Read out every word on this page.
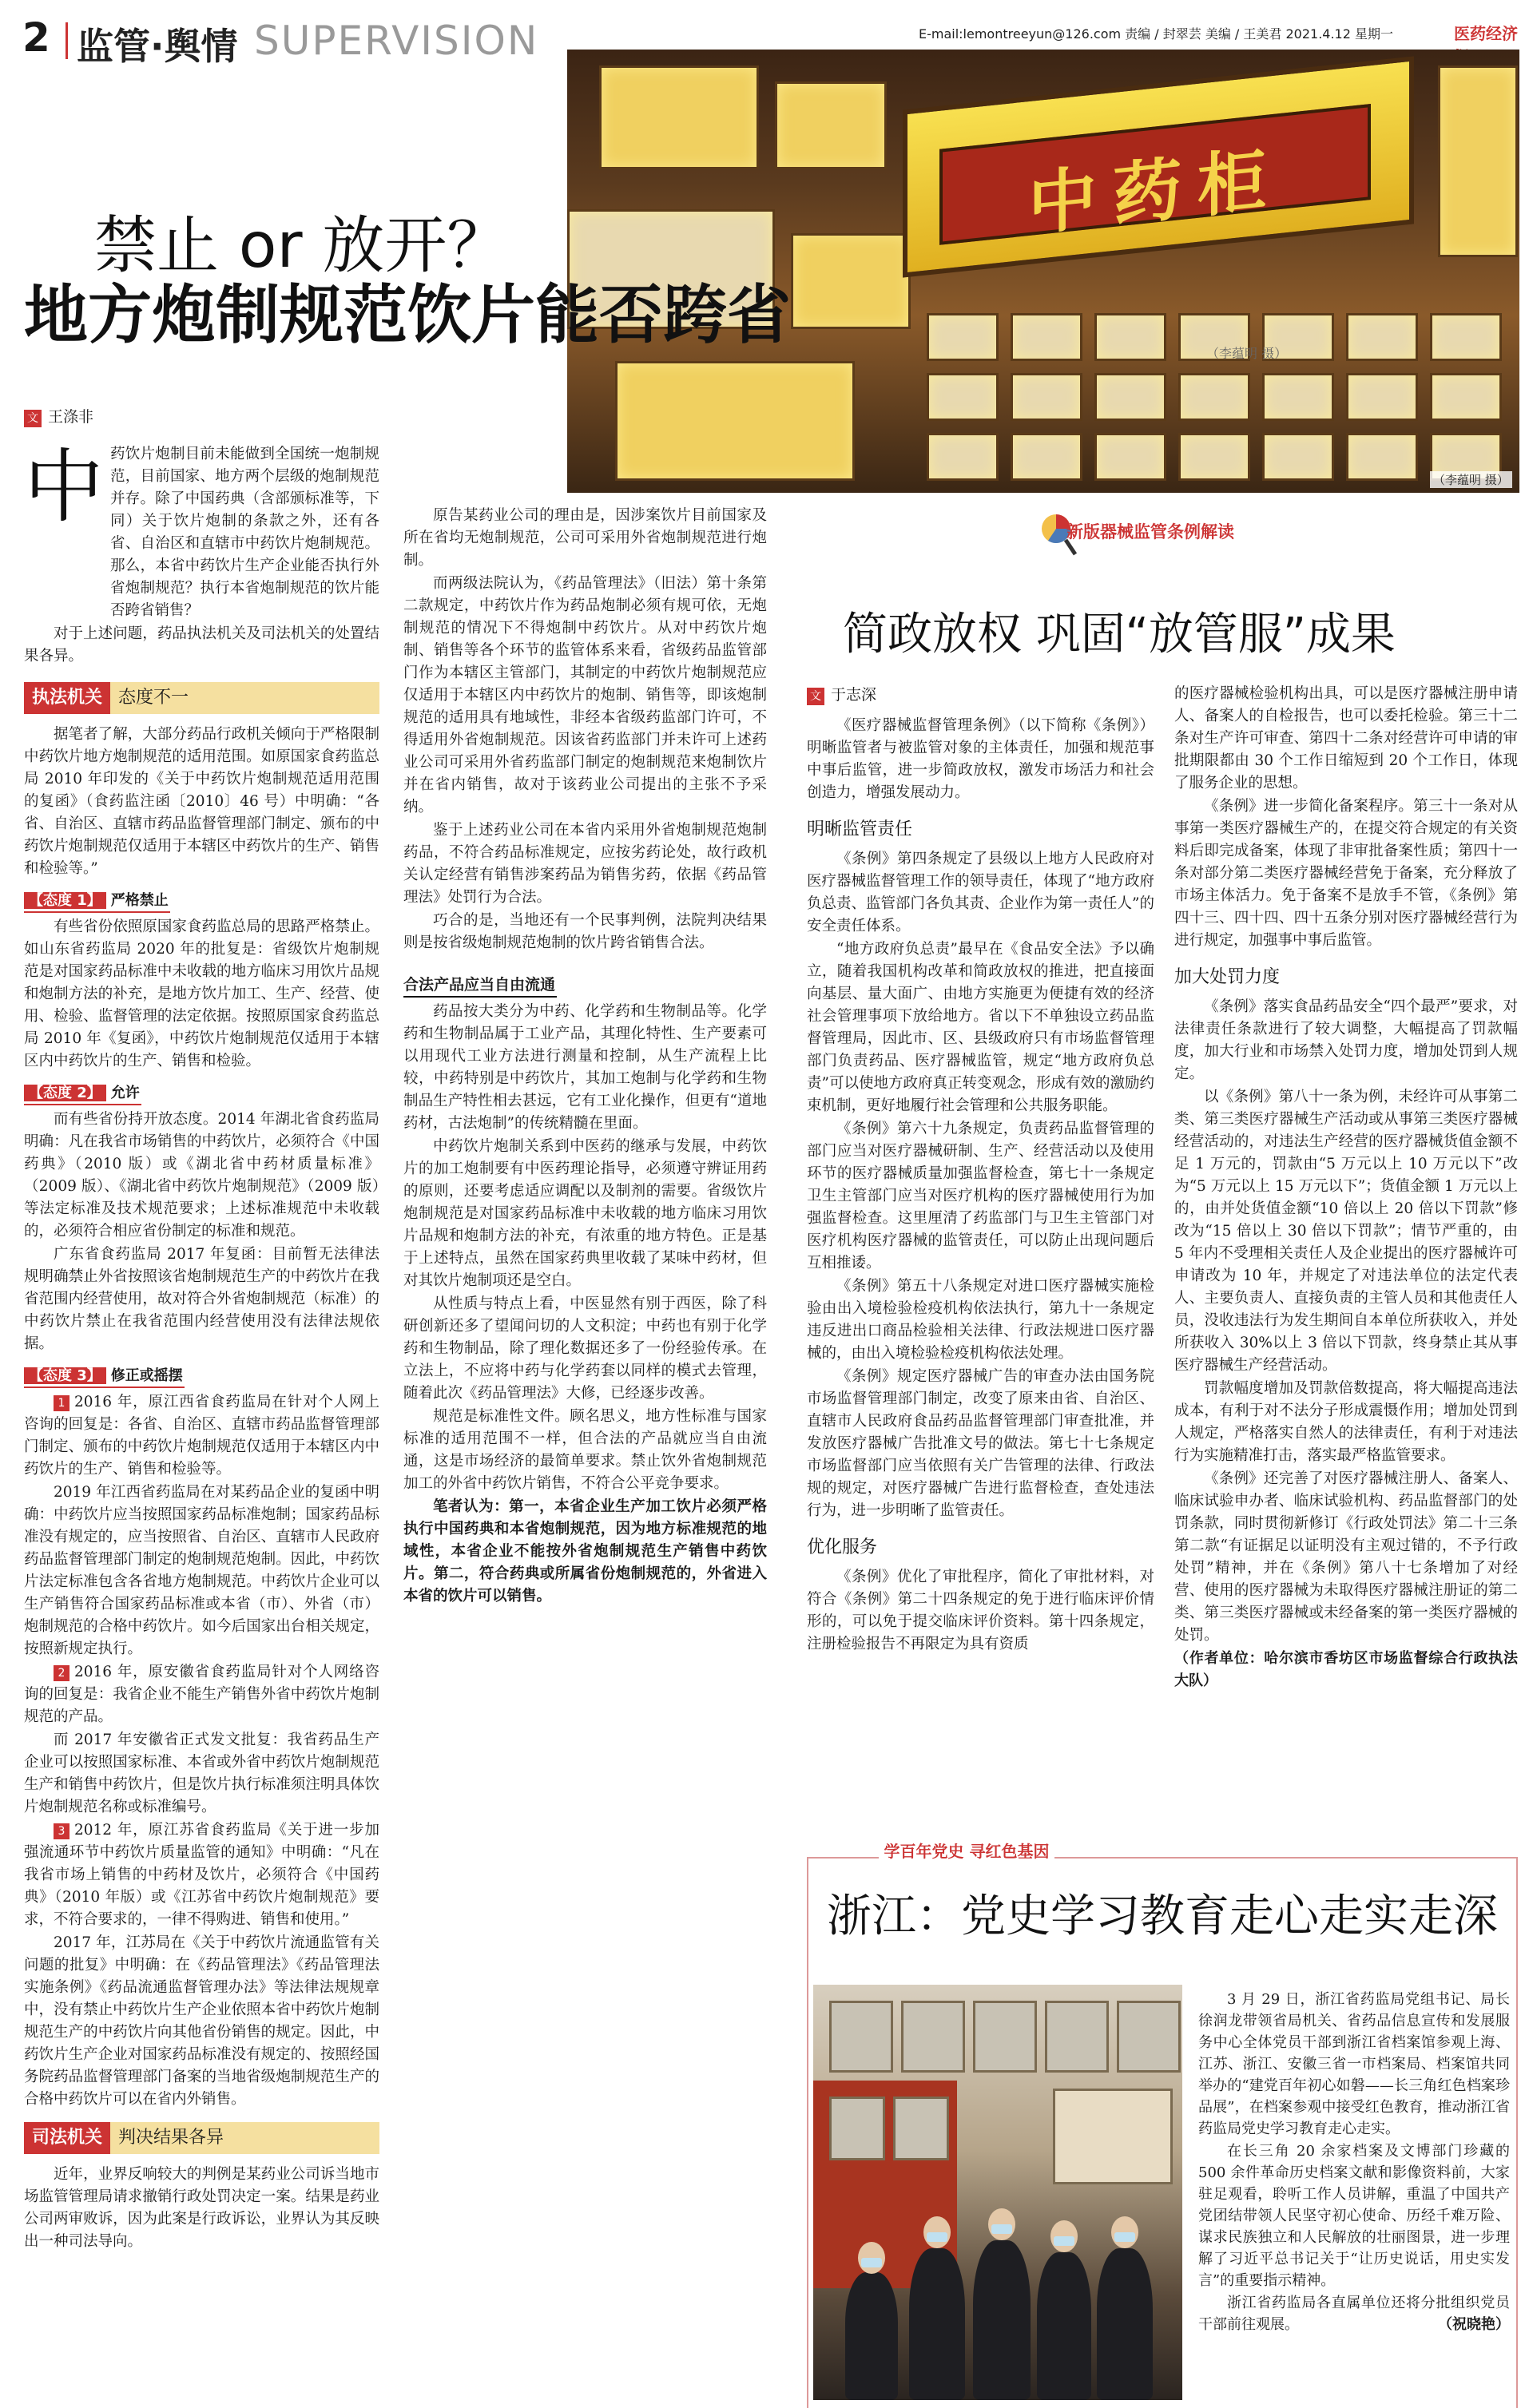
2 监管·舆情 SUPERVISION	E-mail:lemontreeyun@126.com 责编 / 封翠芸 美编 / 王美君 2021.4.12 星期一	医药经济
中药柜
（李蕴明 摄）
（李蕴明 摄）
禁止 or 放开？
地方炮制规范饮片能否跨省
文 王涤非
中 药饮片炮制目前未能做到全国统一炮制规范，目前国家、地方两个层级的炮制规范并存。除了中国药典（含部颁标准等，下同）关于饮片炮制的条款之外，还有各省、自治区和直辖市中药饮片炮制规范。那么，本省中药饮片生产企业能否执行外省炮制规范？执行本省炮制规范的饮片能否跨省销售？

对于上述问题，药品执法机关及司法机关的处置结果各异。

执法机关 态度不一

据笔者了解，大部分药品行政机关倾向于严格限制中药饮片地方炮制规范的适用范围。如原国家食药监总局 2010 年印发的《关于中药饮片炮制规范适用范围的复函》（食药监注函〔2010〕46 号）中明确：“各省、自治区、直辖市药品监督管理部门制定、颁布的中药饮片炮制规范仅适用于本辖区中药饮片的生产、销售和检验等。”

【态度 1】 严格禁止

有些省份依照原国家食药监总局的思路严格禁止。如山东省药监局 2020 年的批复是：省级饮片炮制规范是对国家药品标准中未收载的地方临床习用饮片品规和炮制方法的补充，是地方饮片加工、生产、经营、使用、检验、监督管理的法定依据。按照原国家食药监总局 2010 年《复函》，中药饮片炮制规范仅适用于本辖区内中药饮片的生产、销售和检验。

【态度 2】 允许

而有些省份持开放态度。2014 年湖北省食药监局明确：凡在我省市场销售的中药饮片，必须符合《中国药典》（2010 版）或《湖北省中药材质量标准》（2009 版）、《湖北省中药饮片炮制规范》（2009 版）等法定标准及技术规范要求；上述标准规范中未收载的，必须符合相应省份制定的标准和规范。

广东省食药监局 2017 年复函：目前暂无法律法规明确禁止外省按照该省炮制规范生产的中药饮片在我省范围内经营使用，故对符合外省炮制规范（标准）的中药饮片禁止在我省范围内经营使用没有法律法规依据。

【态度 3】 修正或摇摆

1 2016 年，原江西省食药监局在针对个人网上咨询的回复是：各省、自治区、直辖市药品监督管理部门制定、颁布的中药饮片炮制规范仅适用于本辖区内中药饮片的生产、销售和检验等。

2019 年江西省药监局在对某药品企业的复函中明确：中药饮片应当按照国家药品标准炮制；国家药品标准没有规定的，应当按照省、自治区、直辖市人民政府药品监督管理部门制定的炮制规范炮制。因此，中药饮片法定标准包含各省地方炮制规范。中药饮片企业可以生产销售符合国家药品标准或本省（市）、外省（市）炮制规范的合格中药饮片。如今后国家出台相关规定，按照新规定执行。

2 2016 年，原安徽省食药监局针对个人网络咨询的回复是：我省企业不能生产销售外省中药饮片炮制规范的产品。

而 2017 年安徽省正式发文批复：我省药品生产企业可以按照国家标准、本省或外省中药饮片炮制规范生产和销售中药饮片，但是饮片执行标准须注明具体饮片炮制规范名称或标准编号。

3 2012 年，原江苏省食药监局《关于进一步加强流通环节中药饮片质量监管的通知》中明确：“凡在我省市场上销售的中药材及饮片，必须符合《中国药典》（2010 年版）或《江苏省中药饮片炮制规范》要求，不符合要求的，一律不得购进、销售和使用。”

2017 年，江苏局在《关于中药饮片流通监管有关问题的批复》中明确：在《药品管理法》《药品管理法实施条例》《药品流通监督管理办法》等法律法规规章中，没有禁止中药饮片生产企业依照本省中药饮片炮制规范生产的中药饮片向其他省份销售的规定。因此，中药饮片生产企业对国家药品标准没有规定的、按照经国务院药品监督管理部门备案的当地省级炮制规范生产的合格中药饮片可以在省内外销售。

司法机关 判决结果各异

近年，业界反响较大的判例是某药业公司诉当地市场监管管理局请求撤销行政处罚决定一案。结果是药业公司两审败诉，因为此案是行政诉讼，业界认为其反映出一种司法导向。

原告某药业公司的理由是，因涉案饮片目前国家及所在省均无炮制规范，公司可采用外省炮制规范进行炮制。

而两级法院认为，《药品管理法》（旧法）第十条第二款规定，中药饮片作为药品炮制必须有规可依，无炮制规范的情况下不得炮制中药饮片。从对中药饮片炮制、销售等各个环节的监管体系来看，省级药品监管部门作为本辖区主管部门，其制定的中药饮片炮制规范应仅适用于本辖区内中药饮片的炮制、销售等，即该炮制规范的适用具有地域性，非经本省级药监部门许可，不得适用外省炮制规范。因该省药监部门并未许可上述药业公司可采用外省药监部门制定的炮制规范来炮制饮片并在省内销售，故对于该药业公司提出的主张不予采纳。

鉴于上述药业公司在本省内采用外省炮制规范炮制药品，不符合药品标准规定，应按劣药论处，故行政机关认定经营有销售涉案药品为销售劣药，依据《药品管理法》处罚行为合法。

巧合的是，当地还有一个民事判例，法院判决结果则是按省级炮制规范炮制的饮片跨省销售合法。

合法产品应当自由流通

药品按大类分为中药、化学药和生物制品等。化学药和生物制品属于工业产品，其理化特性、生产要素可以用现代工业方法进行测量和控制，从生产流程上比较，中药特别是中药饮片，其加工炮制与化学药和生物制品生产特性相去甚远，它有工业化操作，但更有“道地药材，古法炮制”的传统精髓在里面。

中药饮片炮制关系到中医药的继承与发展，中药饮片的加工炮制要有中医药理论指导，必须遵守辨证用药的原则，还要考虑适应调配以及制剂的需要。省级饮片炮制规范是对国家药品标准中未收载的地方临床习用饮片品规和炮制方法的补充，有浓重的地方特色。正是基于上述特点，虽然在国家药典里收载了某味中药材，但对其饮片炮制项还是空白。

从性质与特点上看，中医显然有别于西医，除了科研创新还多了望闻问切的人文积淀；中药也有别于化学药和生物制品，除了理化数据还多了一份经验传承。在立法上，不应将中药与化学药套以同样的模式去管理，随着此次《药品管理法》大修，已经逐步改善。

规范是标准性文件。顾名思义，地方性标准与国家标准的适用范围不一样，但合法的产品就应当自由流通，这是市场经济的最简单要求。禁止饮外省炮制规范加工的外省中药饮片销售，不符合公平竞争要求。

笔者认为：第一，本省企业生产加工饮片必须严格执行中国药典和本省炮制规范，因为地方标准规范的地域性，本省企业不能按外省炮制规范生产销售中药饮片。第二，符合药典或所属省份炮制规范的，外省进入本省的饮片可以销售。

新版器械监管条例解读
简政放权 巩固“放管服”成果
文 于志深

《医疗器械监督管理条例》（以下简称《条例》）明晰监管者与被监管对象的主体责任，加强和规范事中事后监管，进一步简政放权，激发市场活力和社会创造力，增强发展动力。

明晰监管责任

《条例》第四条规定了县级以上地方人民政府对医疗器械监督管理工作的领导责任，体现了“地方政府负总责、监管部门各负其责、企业作为第一责任人”的安全责任体系。

“地方政府负总责”最早在《食品安全法》予以确立，随着我国机构改革和简政放权的推进，把直接面向基层、量大面广、由地方实施更为便捷有效的经济社会管理事项下放给地方。省以下不单独设立药品监督管理局，因此市、区、县级政府只有市场监督管理部门负责药品、医疗器械监管，规定“地方政府负总责”可以使地方政府真正转变观念，形成有效的激励约束机制，更好地履行社会管理和公共服务职能。

《条例》第六十九条规定，负责药品监督管理的部门应当对医疗器械研制、生产、经营活动以及使用环节的医疗器械质量加强监督检查，第七十一条规定卫生主管部门应当对医疗机构的医疗器械使用行为加强监督检查。这里厘清了药监部门与卫生主管部门对医疗机构医疗器械的监管责任，可以防止出现问题后互相推诿。

《条例》第五十八条规定对进口医疗器械实施检验由出入境检验检疫机构依法执行，第九十一条规定违反进出口商品检验相关法律、行政法规进口医疗器械的，由出入境检验检疫机构依法处理。

《条例》规定医疗器械广告的审查办法由国务院市场监督管理部门制定，改变了原来由省、自治区、直辖市人民政府食品药品监督管理部门审查批准，并发放医疗器械广告批准文号的做法。第七十七条规定市场监督部门应当依照有关广告管理的法律、行政法规的规定，对医疗器械广告进行监督检查，查处违法行为，进一步明晰了监管责任。

优化服务

《条例》优化了审批程序，简化了审批材料，对符合《条例》第二十四条规定的免于进行临床评价情形的，可以免于提交临床评价资料。第十四条规定，注册检验报告不再限定为具有资质

的医疗器械检验机构出具，可以是医疗器械注册申请人、备案人的自检报告，也可以委托检验。第三十二条对生产许可审查、第四十二条对经营许可申请的审批期限都由 30 个工作日缩短到 20 个工作日，体现了服务企业的思想。

《条例》进一步简化备案程序。第三十一条对从事第一类医疗器械生产的，在提交符合规定的有关资料后即完成备案，体现了非审批备案性质；第四十一条对部分第二类医疗器械经营免于备案，充分释放了市场主体活力。免于备案不是放手不管，《条例》第四十三、四十四、四十五条分别对医疗器械经营行为进行规定，加强事中事后监管。

加大处罚力度

《条例》落实食品药品安全“四个最严”要求，对法律责任条款进行了较大调整，大幅提高了罚款幅度，加大行业和市场禁入处罚力度，增加处罚到人规定。

以《条例》第八十一条为例，未经许可从事第二类、第三类医疗器械生产活动或从事第三类医疗器械经营活动的，对违法生产经营的医疗器械货值金额不足 1 万元的，罚款由“5 万元以上 10 万元以下”改为“5 万元以上 15 万元以下”；货值金额 1 万元以上的，由并处货值金额“10 倍以上 20 倍以下罚款”修改为“15 倍以上 30 倍以下罚款”；情节严重的，由 5 年内不受理相关责任人及企业提出的医疗器械许可申请改为 10 年，并规定了对违法单位的法定代表人、主要负责人、直接负责的主管人员和其他责任人员，没收违法行为发生期间自本单位所获收入，并处所获收入 30%以上 3 倍以下罚款，终身禁止其从事医疗器械生产经营活动。

罚款幅度增加及罚款倍数提高，将大幅提高违法成本，有利于对不法分子形成震慑作用；增加处罚到人规定，严格落实自然人的法律责任，有利于对违法行为实施精准打击，落实最严格监管要求。

《条例》还完善了对医疗器械注册人、备案人、临床试验申办者、临床试验机构、药品监督部门的处罚条款，同时贯彻新修订《行政处罚法》第二十三条第二款“有证据足以证明没有主观过错的，不予行政处罚”精神，并在《条例》第八十七条增加了对经营、使用的医疗器械为未取得医疗器械注册证的第二类、第三类医疗器械或未经备案的第一类医疗器械的处罚。

（作者单位：哈尔滨市香坊区市场监督综合行政执法大队）

学百年党史 寻红色基因
浙江：党史学习教育走心走实走深

3 月 29 日，浙江省药监局党组书记、局长徐润龙带领省局机关、省药品信息宣传和发展服务中心全体党员干部到浙江省档案馆参观上海、江苏、浙江、安徽三省一市档案局、档案馆共同举办的“建党百年初心如磐——长三角红色档案珍品展”，在档案参观中接受红色教育，推动浙江省药监局党史学习教育走心走实。

在长三角 20 余家档案及文博部门珍藏的 500 余件革命历史档案文献和影像资料前，大家驻足观看，聆听工作人员讲解，重温了中国共产党团结带领人民坚守初心使命、历经千难万险、谋求民族独立和人民解放的壮丽图景，进一步理解了习近平总书记关于“让历史说话，用史实发言”的重要指示精神。

浙江省药监局各直属单位还将分批组织党员干部前往观展。	（祝晓艳）
